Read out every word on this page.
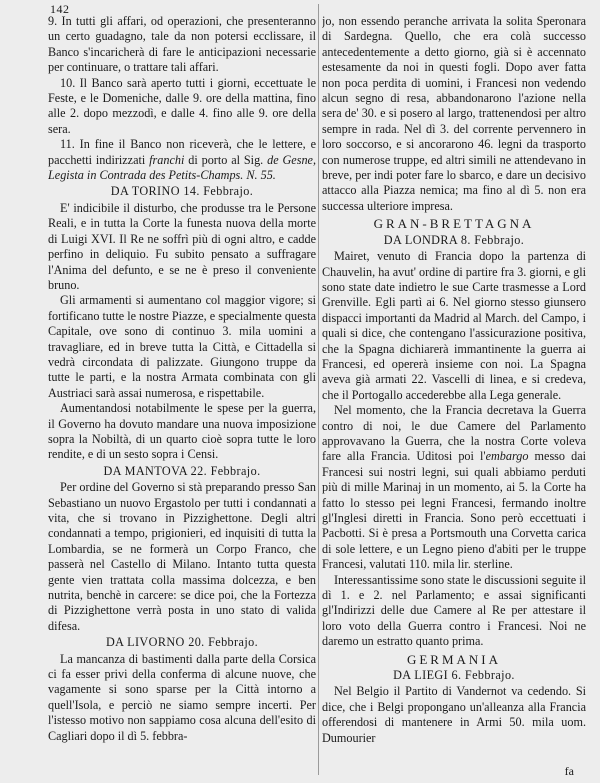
142

9. In tutti gli affari, od operazioni, che presenteranno un certo guadagno, tale da non potersi ecclissare, il Banco s'incaricherà di fare le anticipazioni necessarie per continuare, o trattare tali affari.

10. Il Banco sarà aperto tutti i giorni, eccettuate le Feste, e le Domeniche, dalle 9. ore della mattina, fino alle 2. dopo mezzodì, e dalle 4. fino alle 9. ore della sera.

11. In fine il Banco non riceverà, che le lettere, e pacchetti indirizzati franchi di porto al Sig. de Gesne, Legista in Contrada des Petits-Champs. N. 55.

DA TORINO 14. Febbrajo.

E' indicibile il disturbo, che produsse tra le Persone Reali, e in tutta la Corte la funesta nuova della morte di Luigi XVI. Il Re ne soffrì più di ogni altro, e cadde perfino in deliquio. Fu subito pensato a suffragare l'Anima del defunto, e se ne è preso il conveniente bruno.

Gli armamenti si aumentano col maggior vigore; si fortificano tutte le nostre Piazze, e specialmente questa Capitale, ove sono di continuo 3. mila uomini a travagliare, ed in breve tutta la Città, e Cittadella si vedrà circondata di palizzate. Giungono truppe da tutte le parti, e la nostra Armata combinata con gli Austriaci sarà assai numerosa, e rispettabile.

Aumentandosi notabilmente le spese per la guerra, il Governo ha dovuto mandare una nuova imposizione sopra la Nobiltà, di un quarto cioè sopra tutte le loro rendite, e di un sesto sopra i Censi.

DA MANTOVA 22. Febbrajo.

Per ordine del Governo si stà preparando presso San Sebastiano un nuovo Ergastolo per tutti i condannati a vita, che si trovano in Pizzighettone. Degli altri condannati a tempo, prigionieri, ed inquisiti di tutta la Lombardia, se ne formerà un Corpo Franco, che passerà nel Castello di Milano. Intanto tutta questa gente vien trattata colla massima dolcezza, e ben nutrita, benchè in carcere: se dice poi, che la Fortezza di Pizzighettone verrà posta in uno stato di valida difesa.

DA LIVORNO 20. Febbrajo.

La mancanza di bastimenti dalla parte della Corsica ci fa esser privi della conferma di alcune nuove, che vagamente si sono sparse per la Città intorno a quell'Isola, e perciò ne siamo sempre incerti. Per l'istesso motivo non sappiamo cosa alcuna dell'esito di Cagliari dopo il dì 5. febbra-

jo, non essendo peranche arrivata la solita Speronara di Sardegna. Quello, che era colà successo antecedentemente a detto giorno, già si è accennato estesamente da noi in questi fogli. Dopo aver fatta non poca perdita di uomini, i Francesi non vedendo alcun segno di resa, abbandonarono l'azione nella sera de' 30. e si posero al largo, trattenendosi per altro sempre in rada. Nel dì 3. del corrente pervennero in loro soccorso, e si ancorarono 46. legni da trasporto con numerose truppe, ed altri simili ne attendevano in breve, per indi poter fare lo sbarco, e dare un decisivo attacco alla Piazza nemica; ma fino al dì 5. non era successa ulteriore impresa.

GRAN-BRETTAGNA
DA LONDRA 8. Febbrajo.

Mairet, venuto di Francia dopo la partenza di Chauvelin, ha avut' ordine di partire fra 3. giorni, e gli sono state date indietro le sue Carte trasmesse a Lord Grenville. Egli partì ai 6. Nel giorno stesso giunsero dispacci importanti da Madrid al March. del Campo, i quali si dice, che contengano l'assicurazione positiva, che la Spagna dichiarerà immantinente la guerra ai Francesi, ed opererà insieme con noi. La Spagna aveva già armati 22. Vascelli di linea, e si credeva, che il Portogallo accederebbe alla Lega generale.

Nel momento, che la Francia decretava la Guerra contro di noi, le due Camere del Parlamento approvavano la Guerra, che la nostra Corte voleva fare alla Francia. Uditosi poi l'embargo messo dai Francesi sui nostri legni, sui quali abbiamo perduti più di mille Marinaj in un momento, ai 5. la Corte ha fatto lo stesso pei legni Francesi, fermando inoltre gl'Inglesi diretti in Francia. Sono però eccettuati i Pacbotti. Si è presa a Portsmouth una Corvetta carica di sole lettere, e un Legno pieno d'abiti per le truppe Francesi, valutati 110. mila lir. sterline.

Interessantissime sono state le discussioni seguite il dì 1. e 2. nel Parlamento; e assai significanti gl'Indirizzi delle due Camere al Re per attestare il loro voto della Guerra contro i Francesi. Noi ne daremo un estratto quanto prima.

GERMANIA
DA LIEGI 6. Febbrajo.

Nel Belgio il Partito di Vandernot va cedendo. Si dice, che i Belgi propongano un'alleanza alla Francia offerendosi di mantenere in Armi 50. mila uom. Dumourier

fa
